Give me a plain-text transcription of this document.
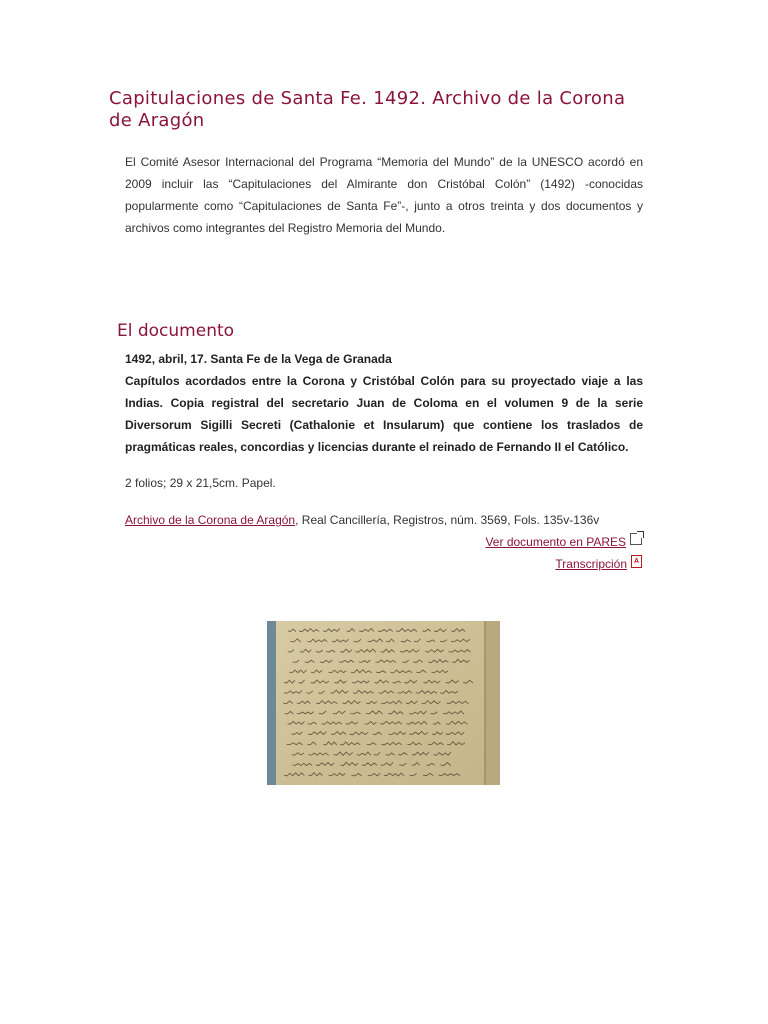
Capitulaciones de Santa Fe. 1492. Archivo de la Corona de Aragón

El Comité Asesor Internacional del Programa “Memoria del Mundo” de la UNESCO acordó en 2009 incluir las “Capitulaciones del Almirante don Cristóbal Colón” (1492) -conocidas popularmente como “Capitulaciones de Santa Fe”-, junto a otros treinta y dos documentos y archivos como integrantes del Registro Memoria del Mundo.

El documento

1492, abril, 17. Santa Fe de la Vega de Granada

Capítulos acordados entre la Corona y Cristóbal Colón para su proyectado viaje a las Indias. Copia registral del secretario Juan de Coloma en el volumen 9 de la serie Diversorum Sigilli Secreti (Cathalonie et Insularum) que contiene los traslados de pragmáticas reales, concordias y licencias durante el reinado de Fernando II el Católico.

2 folios; 29 x 21,5cm. Papel.

Archivo de la Corona de Aragón, Real Cancillería, Registros, núm. 3569, Fols. 135v-136v

Ver documento en PARES
Transcripción A
